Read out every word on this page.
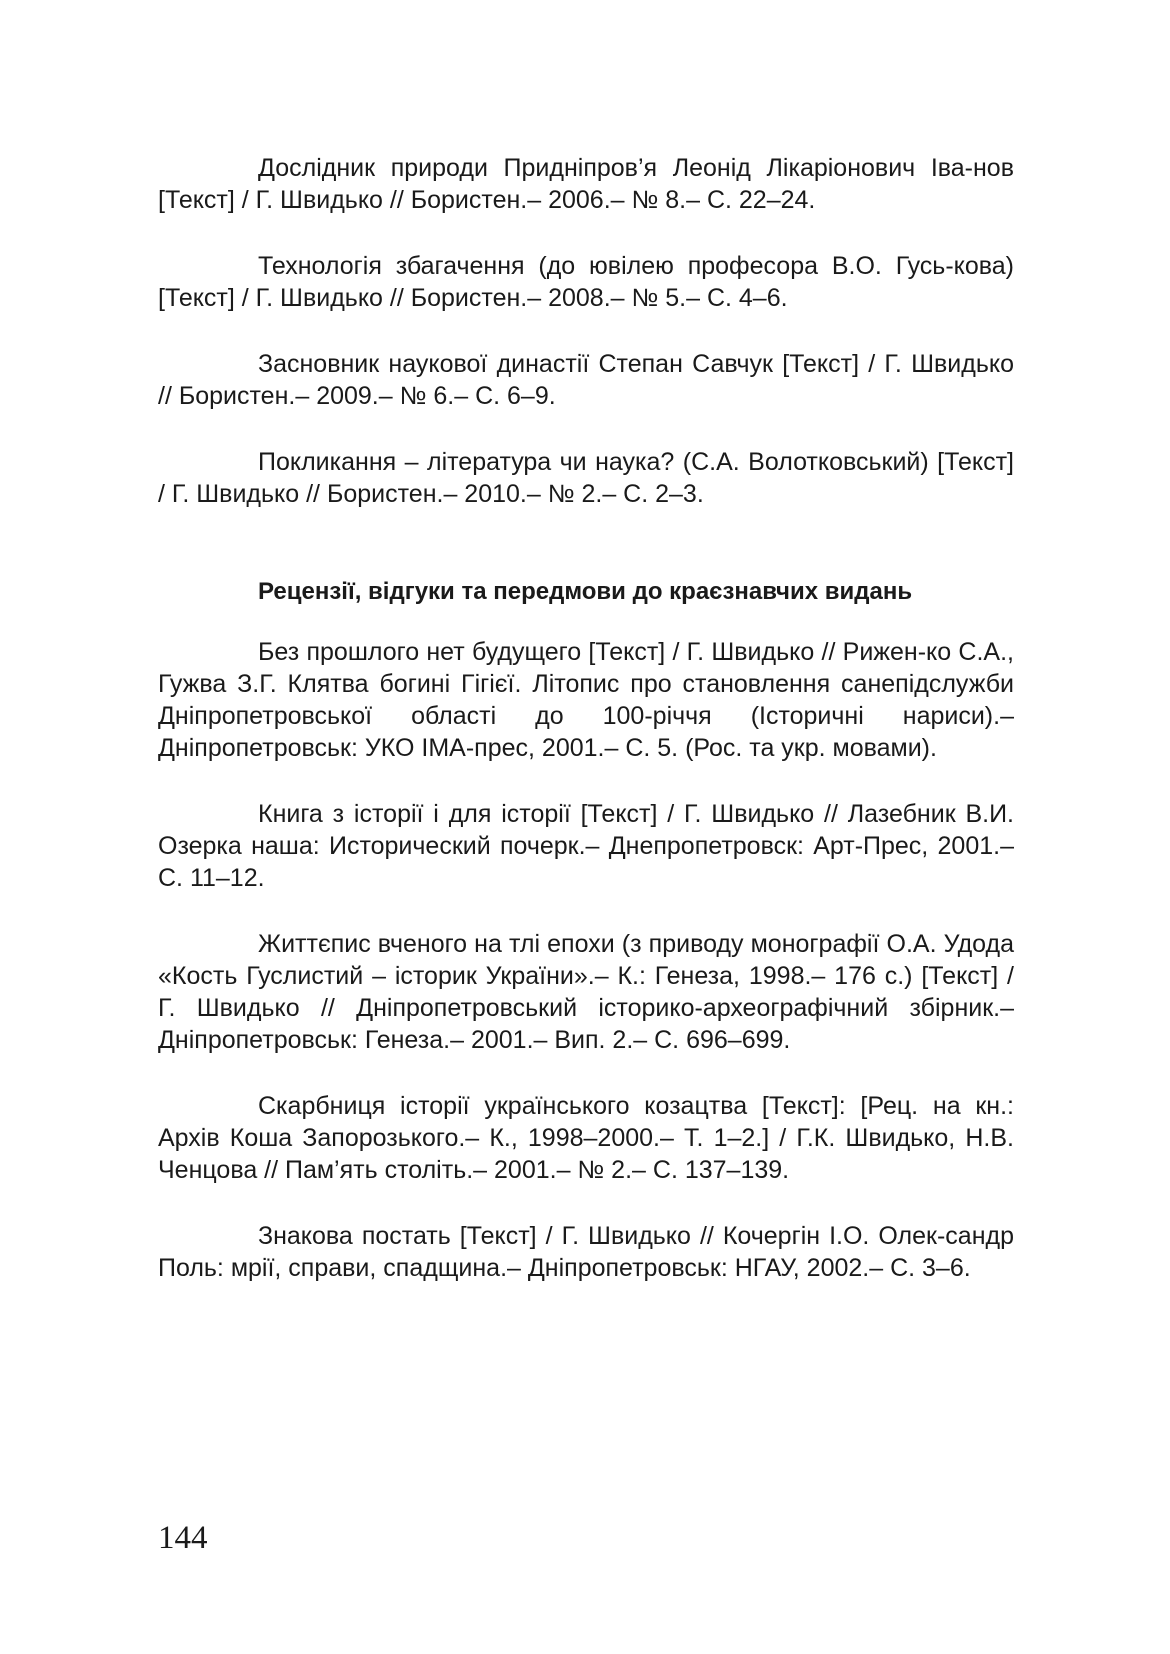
Дослідник природи Придніпров’я Леонід Лікаріонович Іва-нов [Текст] / Г. Швидько // Бористен.– 2006.– № 8.– С. 22–24.

Технологія збагачення (до ювілею професора В.О. Гусь-кова) [Текст] / Г. Швидько // Бористен.– 2008.– № 5.– С. 4–6.

Засновник наукової династії Степан Савчук [Текст] / Г. Швидько // Бористен.– 2009.– № 6.– С. 6–9.

Покликання – література чи наука? (С.А. Волотковський) [Текст] / Г. Швидько // Бористен.– 2010.– № 2.– С. 2–3.

Рецензії, відгуки та передмови до краєзнавчих видань

Без прошлого нет будущего [Текст] / Г. Швидько // Рижен-ко С.А., Гужва З.Г. Клятва богині Гігієї. Літопис про становлення санепідслужби Дніпропетровської області до 100-річчя (Історичні нариси).– Дніпропетровськ: УКО ІМА-прес, 2001.– С. 5. (Рос. та укр. мовами).

Книга з історії і для історії [Текст] / Г. Швидько // Лазебник В.И. Озерка наша: Исторический почерк.– Днепропетровск: Арт-Прес, 2001.– С. 11–12.

Життєпис вченого на тлі епохи (з приводу монографії О.А. Удода «Кость Гуслистий – історик України».– К.: Генеза, 1998.– 176 с.) [Текст] / Г. Швидько // Дніпропетровський історико-археографічний збірник.– Дніпропетровськ: Генеза.– 2001.– Вип. 2.– С. 696–699.

Скарбниця історії українського козацтва [Текст]: [Рец. на кн.: Архів Коша Запорозького.– К., 1998–2000.– Т. 1–2.] / Г.К. Швидько, Н.В. Ченцова // Пам’ять століть.– 2001.– № 2.– С. 137–139.

Знакова постать [Текст] / Г. Швидько // Кочергін І.О. Олек-сандр Поль: мрії, справи, спадщина.– Дніпропетровськ: НГАУ, 2002.– С. 3–6.

144
